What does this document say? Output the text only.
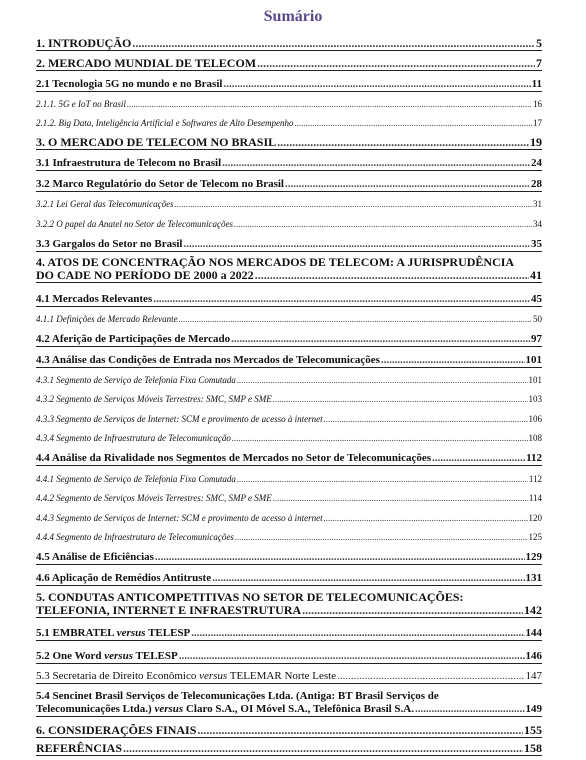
Sumário
1. INTRODUÇÃO .....	5
2. MERCADO MUNDIAL DE TELECOM .....	7
2.1 Tecnologia 5G no mundo e no Brasil .....	11
2.1.1. 5G e IoT no Brasil .....	16
2.1.2. Big Data, Inteligência Artificial e Softwares de Alto Desempenho .....	17
3. O MERCADO DE TELECOM NO BRASIL .....	19
3.1 Infraestrutura de Telecom no Brasil .....	24
3.2 Marco Regulatório do Setor de Telecom no Brasil .....	28
3.2.1 Lei Geral das Telecomunicações .....	31
3.2.2 O papel da Anatel no Setor de Telecomunicações .....	34
3.3 Gargalos do Setor no Brasil .....	35
4. ATOS DE CONCENTRAÇÃO NOS MERCADOS DE TELECOM: A JURISPRUDÊNCIA
DO CADE NO PERÍODO DE 2000 a 2022 .....	41
4.1 Mercados Relevantes .....	45
4.1.1 Definições de Mercado Relevante .....	50
4.2 Aferição de Participações de Mercado .....	97
4.3 Análise das Condições de Entrada nos Mercados de Telecomunicações .....	101
4.3.1 Segmento de Serviço de Telefonia Fixa Comutada .....	101
4.3.2 Segmento de Serviços Móveis Terrestres: SMC, SMP e SME .....	103
4.3.3 Segmento de Serviços de Internet: SCM e provimento de acesso à internet .....	106
4.3.4 Segmento de Infraestrutura de Telecomunicação .....	108
4.4 Análise da Rivalidade nos Segmentos de Mercados no Setor de Telecomunicações .....	112
4.4.1 Segmento de Serviço de Telefonia Fixa Comutada .....	112
4.4.2 Segmento de Serviços Móveis Terrestres: SMC, SMP e SME .....	114
4.4.3 Segmento de Serviços de Internet: SCM e provimento de acesso à internet .....	120
4.4.4 Segmento de Infraestrutura de Telecomunicações .....	125
4.5 Análise de Eficiências .....	129
4.6 Aplicação de Remédios Antitruste .....	131
5. CONDUTAS ANTICOMPETITIVAS NO SETOR DE TELECOMUNICAÇÕES:
TELEFONIA, INTERNET E INFRAESTRUTURA .....	142
5.1 EMBRATEL versus TELESP .....	144
5.2 One Word versus TELESP .....	146
5.3 Secretaria de Direito Econômico versus TELEMAR Norte Leste .....	147
5.4 Sencinet Brasil Serviços de Telecomunicações Ltda. (Antiga: BT Brasil Serviços de
Telecomunicações Ltda.) versus Claro S.A., OI Móvel S.A., Telefônica Brasil S.A. .....	149
6. CONSIDERAÇÕES FINAIS .....	155
REFERÊNCIAS .....	158
